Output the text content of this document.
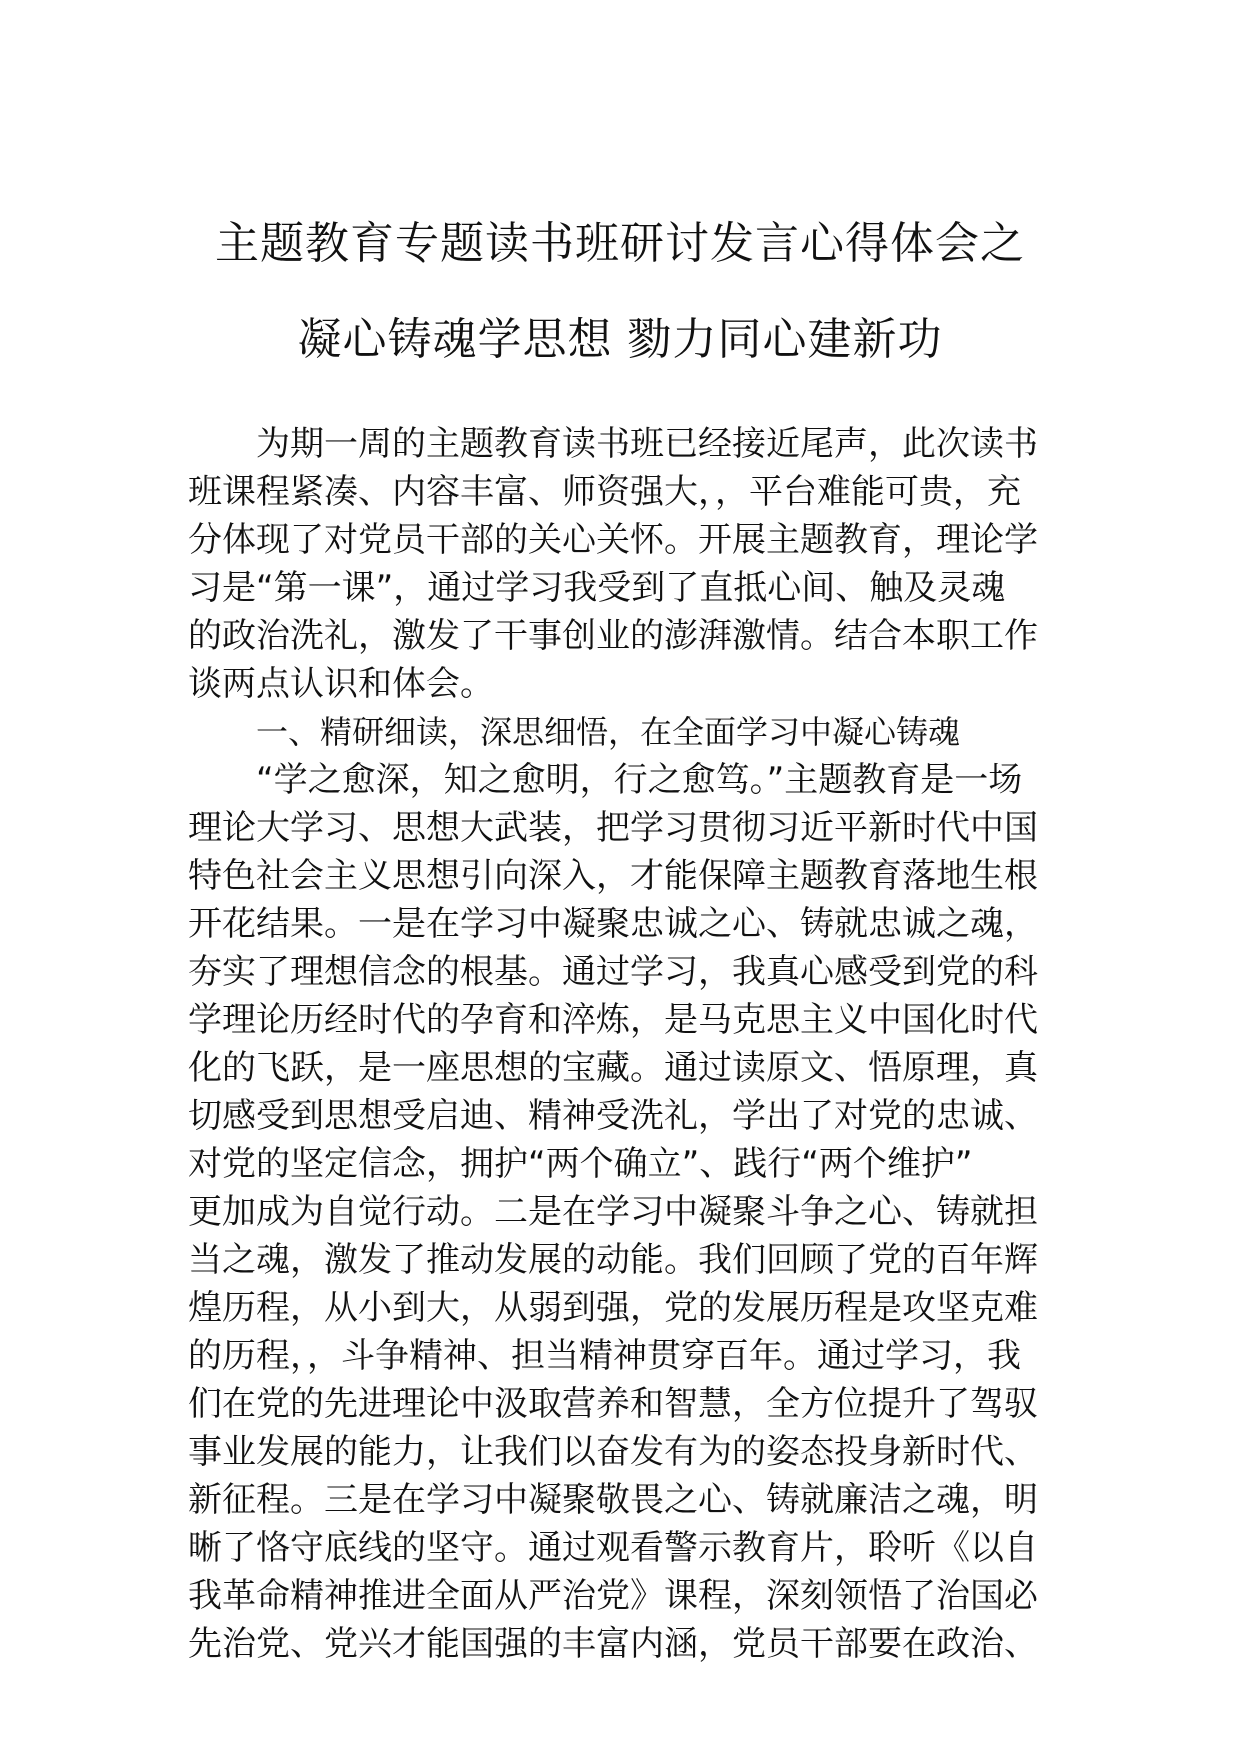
主题教育专题读书班研讨发言心得体会之
凝心铸魂学思想 勠力同心建新功
为期一周的主题教育读书班已经接近尾声，此次读书
班课程紧凑、内容丰富、师资强大，，平台难能可贵，充
分体现了对党员干部的关心关怀。开展主题教育，理论学
习是“第一课”，通过学习我受到了直抵心间、触及灵魂
的政治洗礼，激发了干事创业的澎湃激情。结合本职工作
谈两点认识和体会。
一、精研细读，深思细悟，在全面学习中凝心铸魂
“学之愈深，知之愈明，行之愈笃。”主题教育是一场
理论大学习、思想大武装，把学习贯彻习近平新时代中国
特色社会主义思想引向深入，才能保障主题教育落地生根
开花结果。一是在学习中凝聚忠诚之心、铸就忠诚之魂，
夯实了理想信念的根基。通过学习，我真心感受到党的科
学理论历经时代的孕育和淬炼，是马克思主义中国化时代
化的飞跃，是一座思想的宝藏。通过读原文、悟原理，真
切感受到思想受启迪、精神受洗礼，学出了对党的忠诚、
对党的坚定信念，拥护“两个确立”、践行“两个维护”
更加成为自觉行动。二是在学习中凝聚斗争之心、铸就担
当之魂，激发了推动发展的动能。我们回顾了党的百年辉
煌历程，从小到大，从弱到强，党的发展历程是攻坚克难
的历程，，斗争精神、担当精神贯穿百年。通过学习，我
们在党的先进理论中汲取营养和智慧，全方位提升了驾驭
事业发展的能力，让我们以奋发有为的姿态投身新时代、
新征程。三是在学习中凝聚敬畏之心、铸就廉洁之魂，明
晰了恪守底线的坚守。通过观看警示教育片，聆听《以自
我革命精神推进全面从严治党》课程，深刻领悟了治国必
先治党、党兴才能国强的丰富内涵，党员干部要在政治、
